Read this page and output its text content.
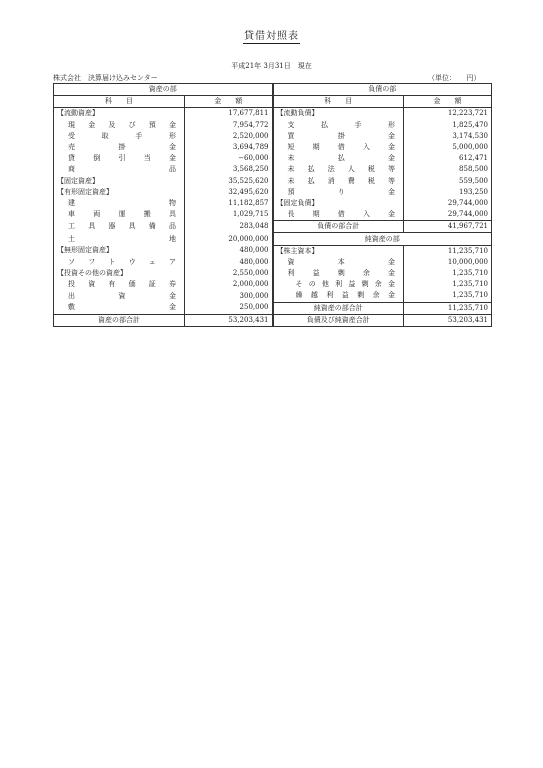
貸借対照表
平成21年 3月31日　現在
株式会社　決算届け込みセンター	（単位：　　円）
資産の部		負債の部	
科　　目	金　　額	科　　目	金　　額
【流動資産】	17,677,811	【流動負債】	12,223,721
現金及び預金	7,954,772	支払手形	1,825,470
受取手形	2,520,000	買掛金	3,174,530
売掛金	3,694,789	短期借入金	5,000,000
貸倒引当金	−60,000	未払金	612,471
商品	3,568,250	未払法人税等	858,500
【固定資産】	35,525,620	未払消費税等	559,500
【有形固定資産】	32,495,620	預り金	193,250
建物	11,182,857	【固定負債】	29,744,000
車両運搬具	1,029,715	長期借入金	29,744,000
工具器具備品	283,048	負債の部合計	41,967,721
土地	20,000,000	純資産の部	
【無形固定資産】	480,000	【株主資本】	11,235,710
ソフトウェア	480,000	資本金	10,000,000
【投資その他の資産】	2,550,000	利益剰余金	1,235,710
投資有価証券	2,000,000	その他利益剰余金	1,235,710
出資金	300,000	繰越利益剰余金	1,235,710
敷金	250,000	純資産の部合計	11,235,710
資産の部合計	53,203,431	負債及び純資産合計	53,203,431
